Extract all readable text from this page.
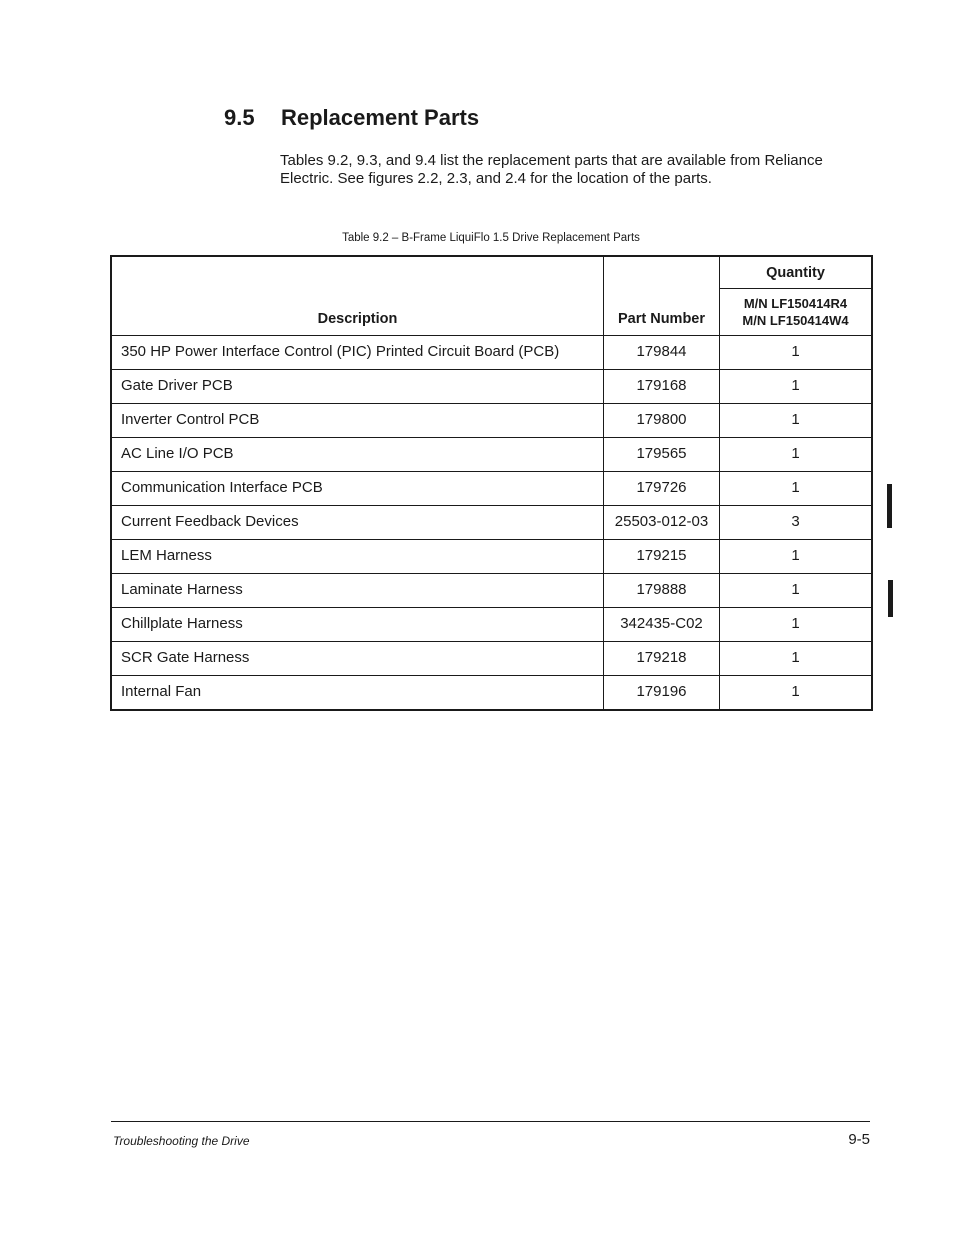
9.5 Replacement Parts

Tables 9.2, 9.3, and 9.4 list the replacement parts that are available from Reliance Electric. See figures 2.2, 2.3, and 2.4 for the location of the parts.

Table 9.2 – B-Frame LiquiFlo 1.5 Drive Replacement Parts
Description	Part Number	Quantity

		M/N LF150414R4
M/N LF150414W4

350 HP Power Interface Control (PIC) Printed Circuit Board (PCB)	179844	1
Gate Driver PCB	179168	1
Inverter Control PCB	179800	1
AC Line I/O PCB	179565	1
Communication Interface PCB	179726	1
Current Feedback Devices	25503-012-03	3
LEM Harness	179215	1
Laminate Harness	179888	1
Chillplate Harness	342435-C02	1
SCR Gate Harness	179218	1
Internal Fan	179196	1
Troubleshooting the Drive	9-5
